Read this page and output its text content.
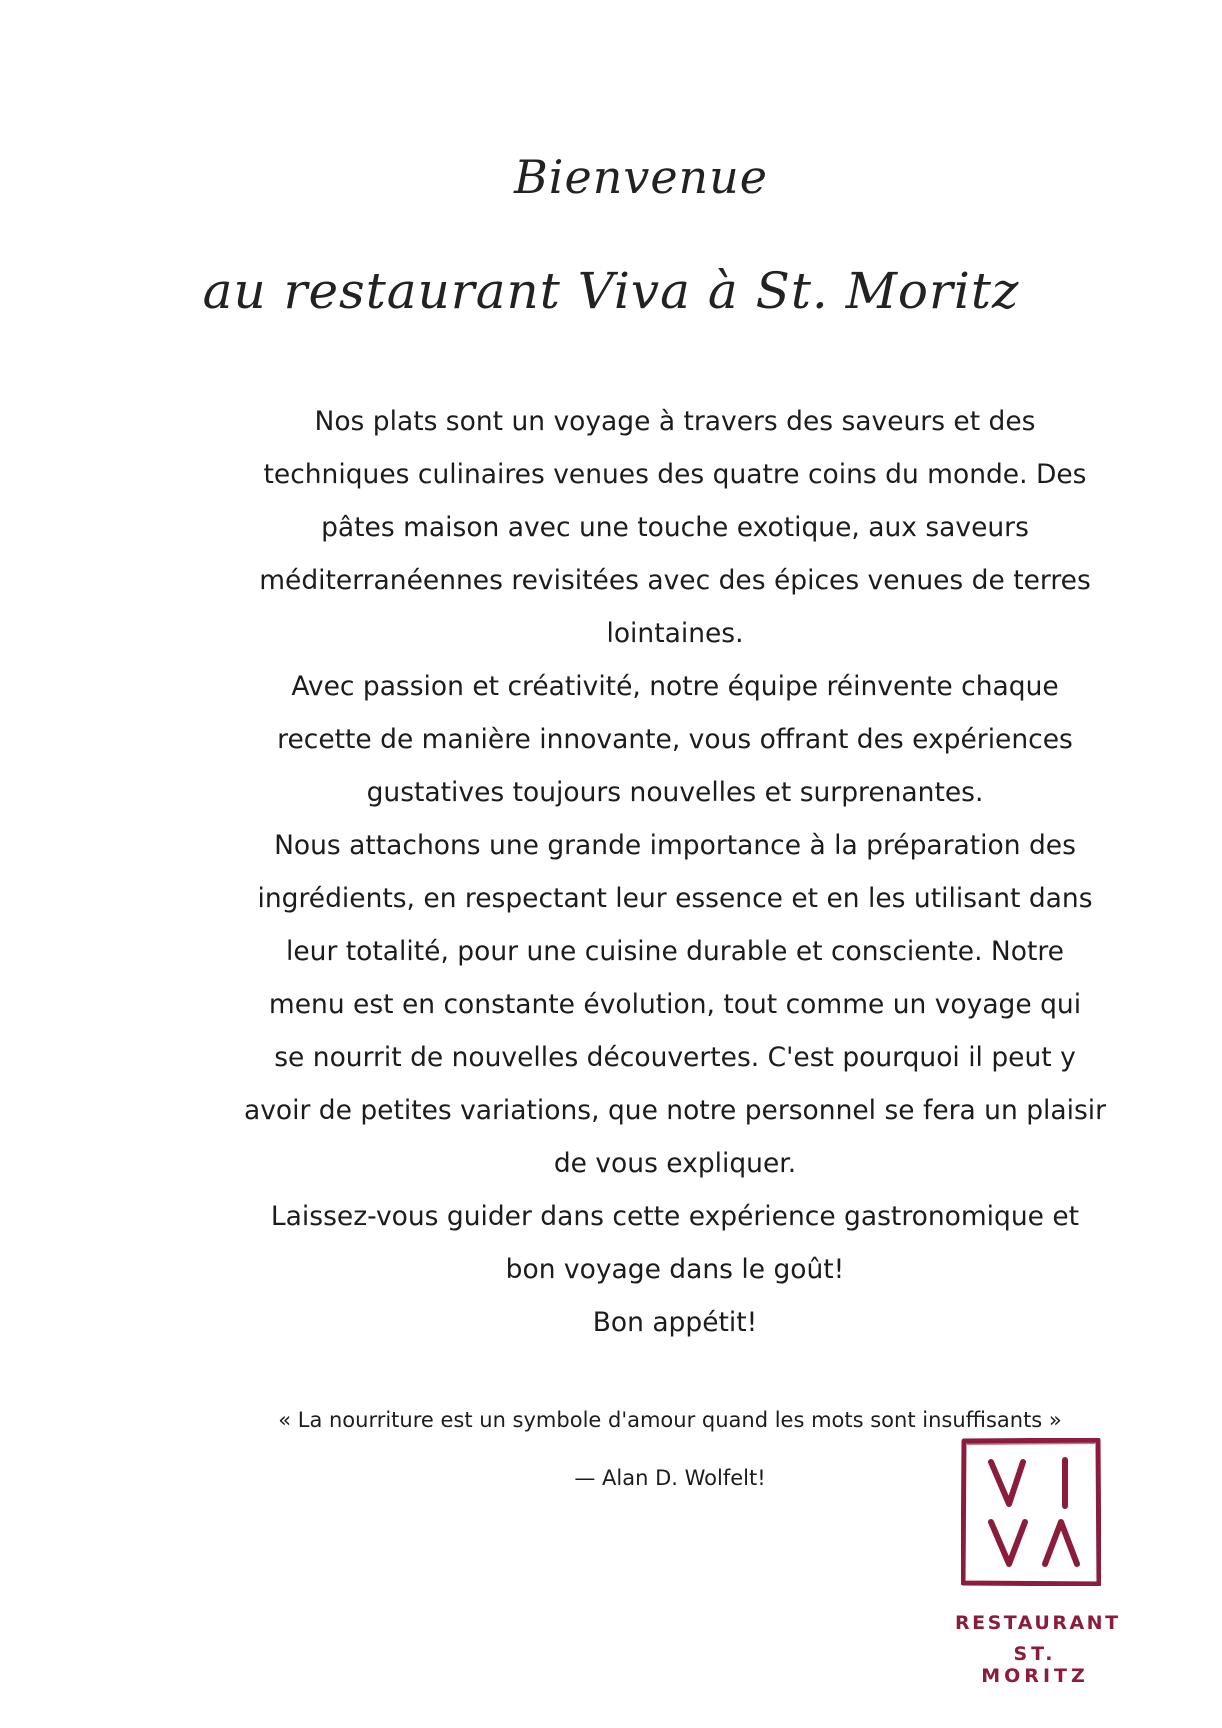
Bienvenue
au restaurant Viva à St. Moritz
Nos plats sont un voyage à travers des saveurs et des
techniques culinaires venues des quatre coins du monde. Des
pâtes maison avec une touche exotique, aux saveurs
méditerranéennes revisitées avec des épices venues de terres
lointaines.
Avec passion et créativité, notre équipe réinvente chaque
recette de manière innovante, vous offrant des expériences
gustatives toujours nouvelles et surprenantes.
Nous attachons une grande importance à la préparation des
ingrédients, en respectant leur essence et en les utilisant dans
leur totalité, pour une cuisine durable et consciente. Notre
menu est en constante évolution, tout comme un voyage qui
se nourrit de nouvelles découvertes. C'est pourquoi il peut y
avoir de petites variations, que notre personnel se fera un plaisir
de vous expliquer.
Laissez-vous guider dans cette expérience gastronomique et
bon voyage dans le goût!
Bon appétit!
« La nourriture est un symbole d'amour quand les mots sont insuffisants »
— Alan D. Wolfelt!
RESTAURANT
ST. MORITZ
